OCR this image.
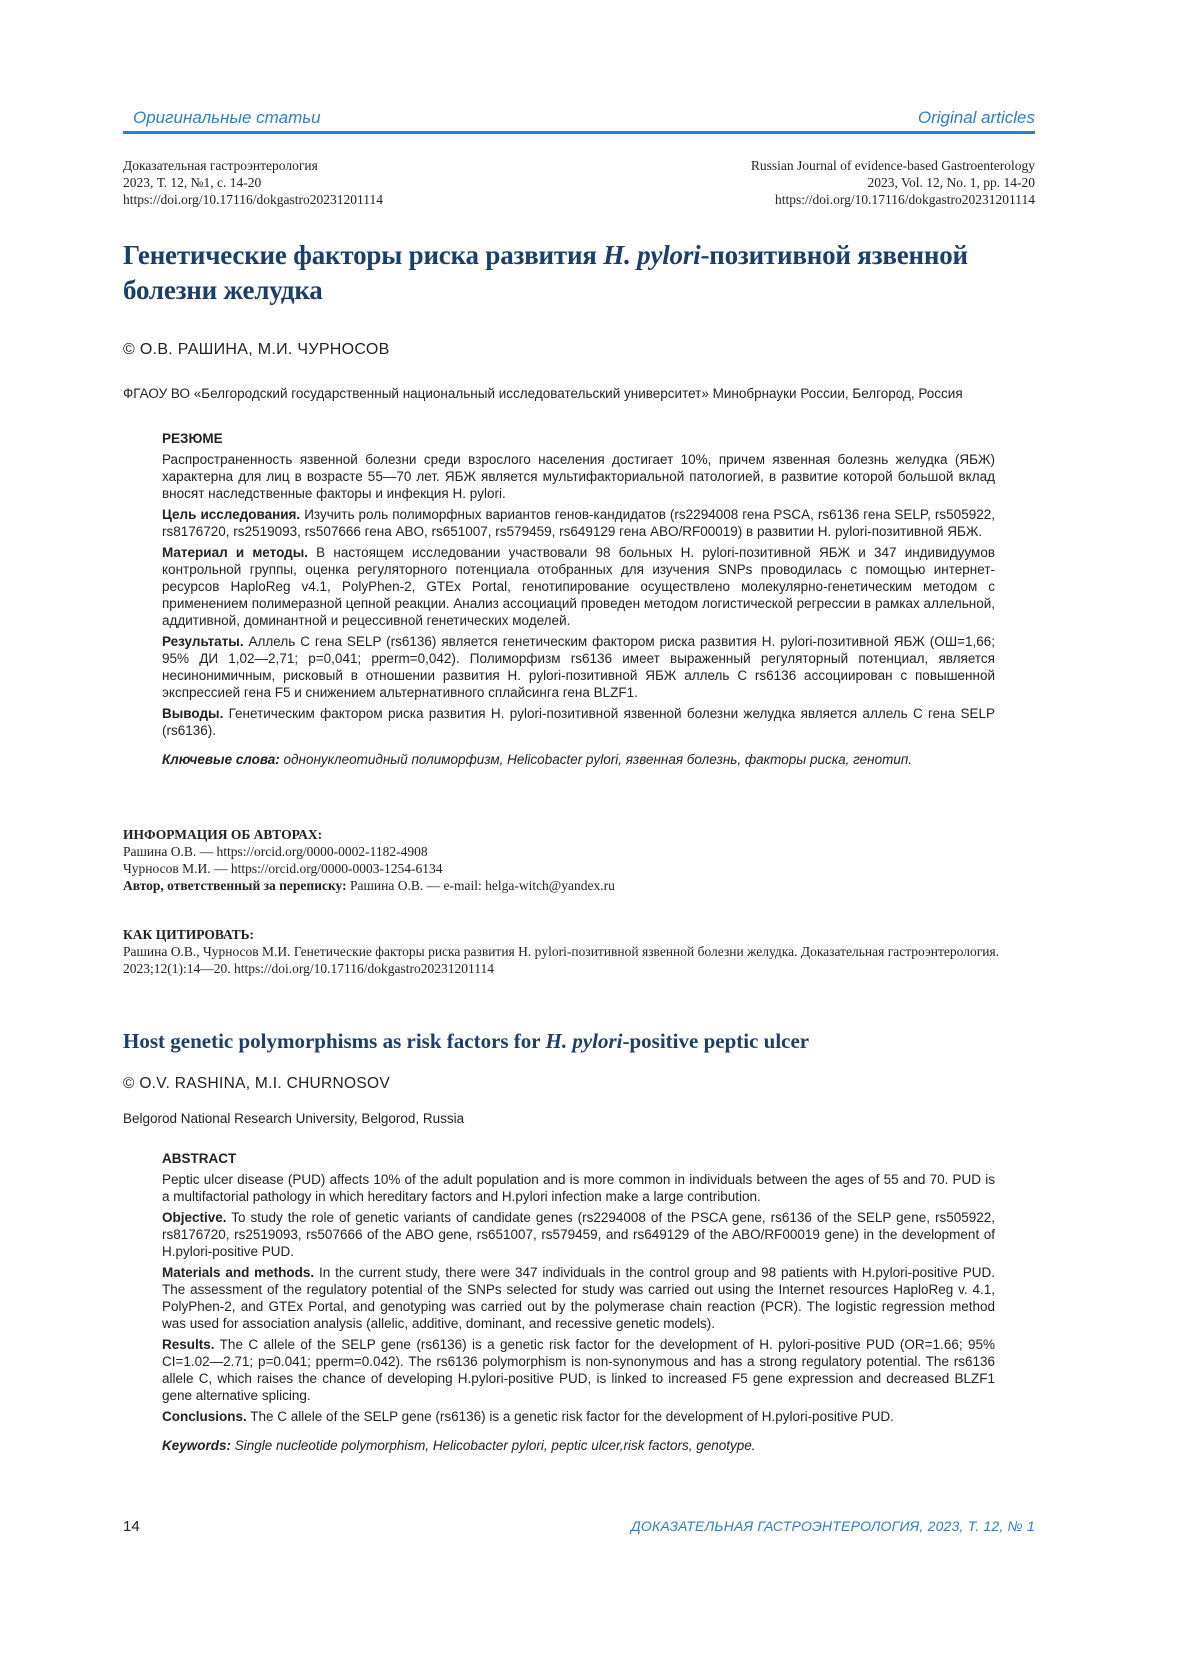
Оригинальные статьи	Original articles
Доказательная гастроэнтерология
2023, Т. 12, №1, с. 14-20
https://doi.org/10.17116/dokgastro20231201114
Russian Journal of evidence-based Gastroenterology
2023, Vol. 12, No. 1, pp. 14-20
https://doi.org/10.17116/dokgastro20231201114
Генетические факторы риска развития H. pylori-позитивной язвенной болезни желудка
© О.В. РАШИНА, М.И. ЧУРНОСОВ
ФГАОУ ВО «Белгородский государственный национальный исследовательский университет» Минобрнауки России, Белгород, Россия

РЕЗЮМЕ

Распространенность язвенной болезни среди взрослого населения достигает 10%, причем язвенная болезнь желудка (ЯБЖ) характерна для лиц в возрасте 55—70 лет. ЯБЖ является мультифакториальной патологией, в развитие которой большой вклад вносят наследственные факторы и инфекция H. pylori.

Цель исследования. Изучить роль полиморфных вариантов генов-кандидатов (rs2294008 гена PSCA, rs6136 гена SELP, rs505922, rs8176720, rs2519093, rs507666 гена ABO, rs651007, rs579459, rs649129 гена ABO/RF00019) в развитии H. pylori-позитивной ЯБЖ.

Материал и методы. В настоящем исследовании участвовали 98 больных H. pylori-позитивной ЯБЖ и 347 индивидуумов контрольной группы, оценка регуляторного потенциала отобранных для изучения SNPs проводилась с помощью интернет-ресурсов HaploReg v4.1, PolyPhen-2, GTEx Portal, генотипирование осуществлено молекулярно-генетическим методом с применением полимеразной цепной реакции. Анализ ассоциаций проведен методом логистической регрессии в рамках аллельной, аддитивной, доминантной и рецессивной генетических моделей.

Результаты. Аллель С гена SELP (rs6136) является генетическим фактором риска развития H. pylori-позитивной ЯБЖ (ОШ=1,66; 95% ДИ 1,02—2,71; p=0,041; pperm=0,042). Полиморфизм rs6136 имеет выраженный регуляторный потенциал, является несинонимичным, рисковый в отношении развития H. pylori-позитивной ЯБЖ аллель С rs6136 ассоциирован с повышенной экспрессией гена F5 и снижением альтернативного сплайсинга гена BLZF1.

Выводы. Генетическим фактором риска развития H. pylori-позитивной язвенной болезни желудка является аллель С гена SELP (rs6136).

Ключевые слова: однонуклеотидный полиморфизм, Helicobacter pylori, язвенная болезнь, факторы риска, генотип.

ИНФОРМАЦИЯ ОБ АВТОРАХ:

Рашина О.В. — https://orcid.org/0000-0002-1182-4908

Чурносов М.И. — https://orcid.org/0000-0003-1254-6134

Автор, ответственный за переписку: Рашина О.В. — e-mail: helga-witch@yandex.ru

КАК ЦИТИРОВАТЬ:

Рашина О.В., Чурносов М.И. Генетические факторы риска развития H. pylori-позитивной язвенной болезни желудка. Доказательная гастроэнтерология. 2023;12(1):14—20. https://doi.org/10.17116/dokgastro20231201114

Host genetic polymorphisms as risk factors for H. pylori-positive peptic ulcer
© O.V. RASHINA, M.I. CHURNOSOV
Belgorod National Research University, Belgorod, Russia

ABSTRACT

Peptic ulcer disease (PUD) affects 10% of the adult population and is more common in individuals between the ages of 55 and 70. PUD is a multifactorial pathology in which hereditary factors and H.pylori infection make a large contribution.

Objective. To study the role of genetic variants of candidate genes (rs2294008 of the PSCA gene, rs6136 of the SELP gene, rs505922, rs8176720, rs2519093, rs507666 of the ABO gene, rs651007, rs579459, and rs649129 of the ABO/RF00019 gene) in the development of H.pylori-positive PUD.

Materials and methods. In the current study, there were 347 individuals in the control group and 98 patients with H.pylori-positive PUD. The assessment of the regulatory potential of the SNPs selected for study was carried out using the Internet resources HaploReg v. 4.1, PolyPhen-2, and GTEx Portal, and genotyping was carried out by the polymerase chain reaction (PCR). The logistic regression method was used for association analysis (allelic, additive, dominant, and recessive genetic models).

Results. The C allele of the SELP gene (rs6136) is a genetic risk factor for the development of H. pylori-positive PUD (OR=1.66; 95% CI=1.02—2.71; p=0.041; pperm=0.042). The rs6136 polymorphism is non-synonymous and has a strong regulatory potential. The rs6136 allele C, which raises the chance of developing H.pylori-positive PUD, is linked to increased F5 gene expression and decreased BLZF1 gene alternative splicing.

Conclusions. The C allele of the SELP gene (rs6136) is a genetic risk factor for the development of H.pylori-positive PUD.

Keywords: Single nucleotide polymorphism, Helicobacter pylori, peptic ulcer,risk factors, genotype.

14	ДОКАЗАТЕЛЬНАЯ ГАСТРОЭНТЕРОЛОГИЯ, 2023, Т. 12, № 1
